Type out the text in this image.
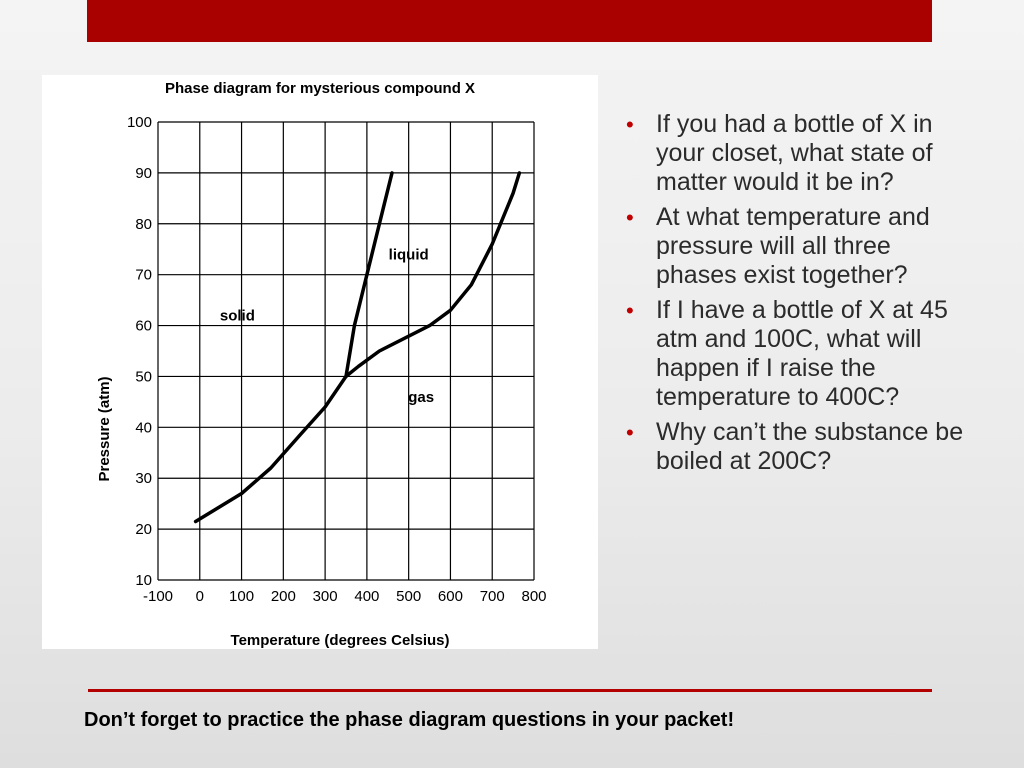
Phase diagram for mysterious compound X
Temperature (degrees Celsius)
Pressure (atm)
-100 0 100 200 300 400 500 600 700 800
10
20
30
40
50
60
70
80
90
100
solid
liquid
gas
• If you had a bottle of X in your closet, what state of matter would it be in?
• At what temperature and pressure will all three phases exist together?
• If I have a bottle of X at 45 atm and 100C, what will happen if I raise the temperature to 400C?
• Why can’t the substance be boiled at 200C?
Don’t forget to practice the phase diagram questions in your packet!
